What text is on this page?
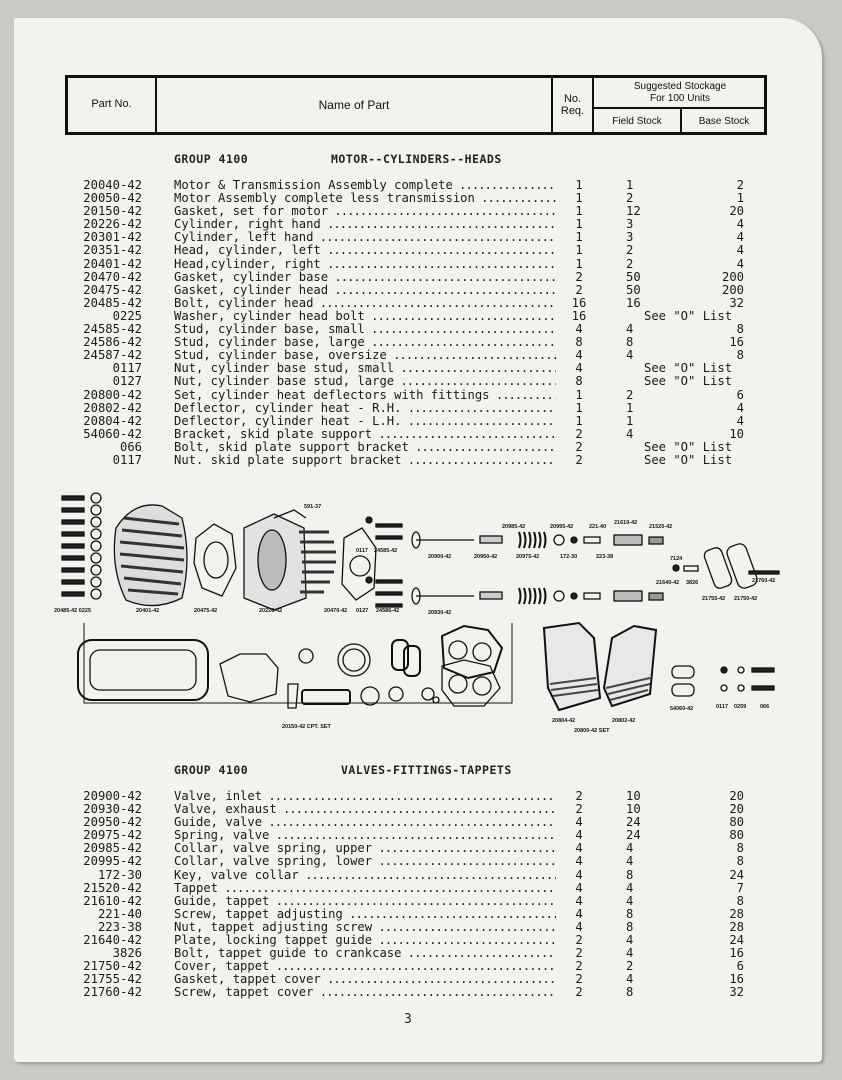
Part No.	Name of Part	No.
Req.
Suggested Stockage
For 100 Units
Field Stock	Base Stock
GROUP 4100	MOTOR--CYLINDERS--HEADS
20040-42	Motor & Transmission Assembly complete .....	1	1	2
20050-42	Motor Assembly complete less transmission .....	1	2	1
20150-42	Gasket, set for motor .....	1	12	20
20226-42	Cylinder, right hand .....	1	3	4
20301-42	Cylinder, left hand .....	1	3	4
20351-42	Head, cylinder, left .....	1	2	4
20401-42	Head,cylinder, right .....	1	2	4
20470-42	Gasket, cylinder base .....	2	50	200
20475-42	Gasket, cylinder head .....	2	50	200
20485-42	Bolt, cylinder head .....	16	16	32
0225	Washer, cylinder head bolt .....	16	See "O" List
24585-42	Stud, cylinder base, small .....	4	4	8
24586-42	Stud, cylinder base, large .....	8	8	16
24587-42	Stud, cylinder base, oversize .....	4	4	8
0117	Nut, cylinder base stud, small .....	4	See "O" List
0127	Nut, cylinder base stud, large .....	8	See "O" List
20800-42	Set, cylinder heat deflectors with fittings .....	1	2	6
20802-42	Deflector, cylinder heat - R.H. .....	1	1	4
20804-42	Deflector, cylinder heat - L.H. .....	1	1	4
54060-42	Bracket, skid plate support .....	2	4	10
066	Bolt, skid plate support bracket .....	2	See "O" List
0117	Nut. skid plate support bracket .....	2	See "O" List
20485-42 0225	20401-42	20475-42	20226-42
591-37
20470-42 0127 24586-42
0117 24585-42
20900-42	20950-42	20975-42	172-30	223-38
20985-42	20995-42	221-40
21610-42
21520-42
7124
21640-42 3826	21760-42
21755-42 21750-42
20930-42
54060-42	0117 0259	066
20804-42	20802-42
20800-42 SET
20150-42 CPT. SET
GROUP 4100	VALVES-FITTINGS-TAPPETS
20900-42	Valve, inlet .....	2	10	20
20930-42	Valve, exhaust .....	2	10	20
20950-42	Guide, valve .....	4	24	80
20975-42	Spring, valve .....	4	24	80
20985-42	Collar, valve spring, upper .....	4	4	8
20995-42	Collar, valve spring, lower .....	4	4	8
172-30	Key, valve collar .....	4	8	24
21520-42	Tappet .....	4	4	7
21610-42	Guide, tappet .....	4	4	8
221-40	Screw, tappet adjusting .....	4	8	28
223-38	Nut, tappet adjusting screw .....	4	8	28
21640-42	Plate, locking tappet guide .....	2	4	24
3826	Bolt, tappet guide to crankcase .....	2	4	16
21750-42	Cover, tappet .....	2	2	6
21755-42	Gasket, tappet cover .....	2	4	16
21760-42	Screw, tappet cover .....	2	8	32
3
